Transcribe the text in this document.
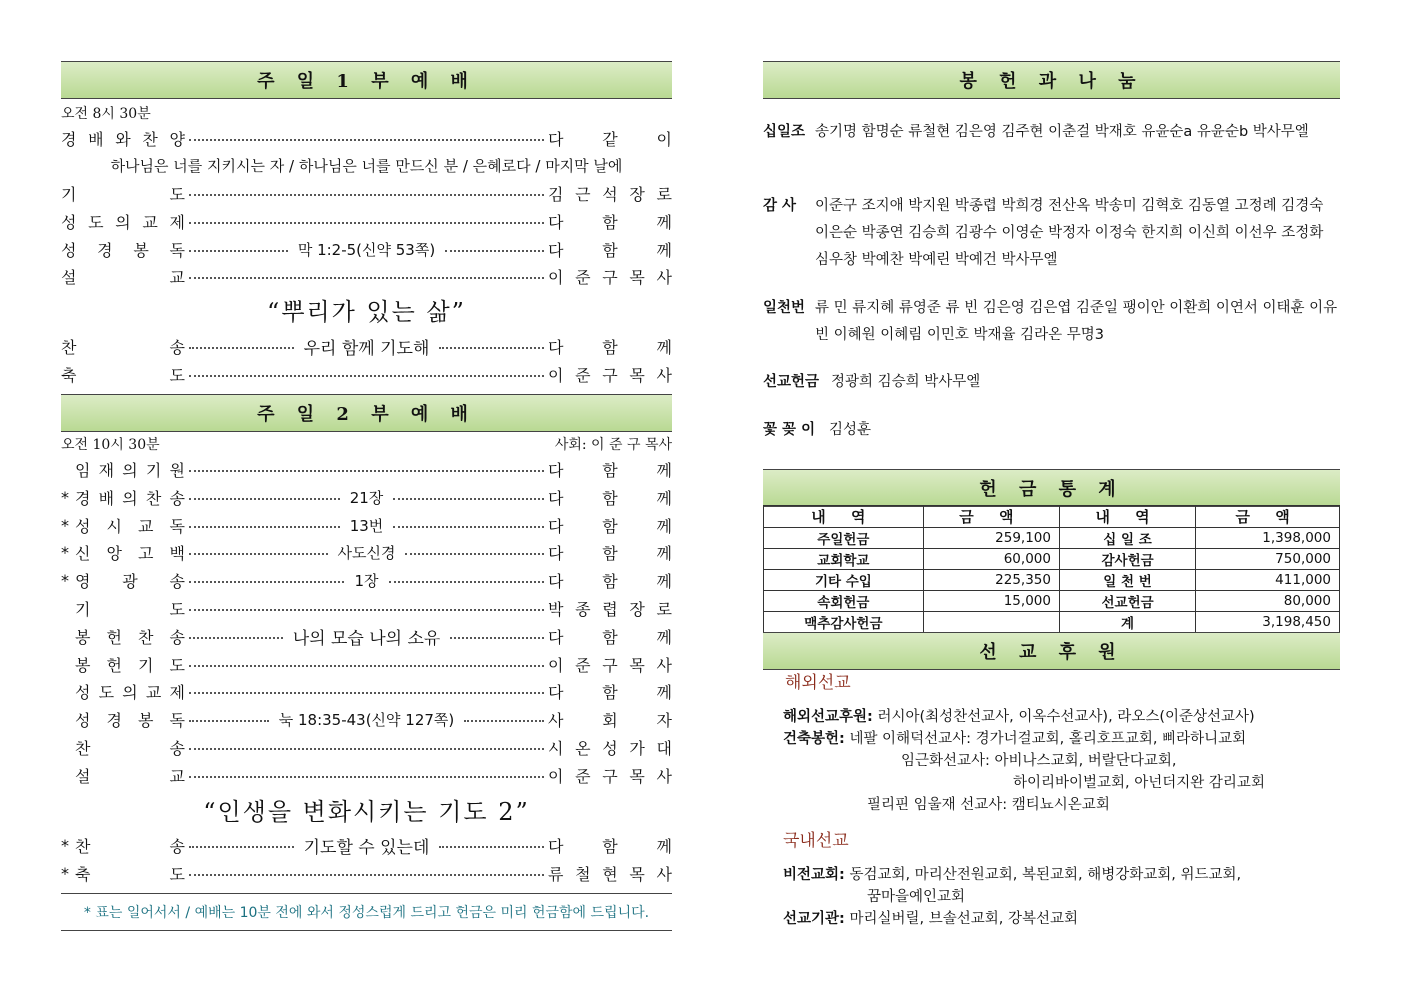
주 일 1 부 예 배
오전 8시 30분
경 배 와 찬 양	다 같 이
기	도	김 근 석 장 로
성 도 의 교 제	다 함 께
성 경 봉 독	막 1:2-5(신약 53쪽)	다 함 께
설	교	이 준 구 목 사
찬	송	우리 함께 기도해	다 함 께
축	도	이 준 구 목 사
하나님은 너를 지키시는 자 / 하나님은 너를 만드신 분 / 은혜로다 / 마지막 날에
“뿌리가 있는 삶”
주 일 2 부 예 배
오전 10시 30분	사회: 이 준 구 목사
임 재 의 기 원	다 함 께
* 경 배 의 찬 송	21장	다 함 께
* 성 시 교 독	13번	다 함 께
* 신 앙 고 백	사도신경	다 함 께
* 영 광 송	1장	다 함 께
기	도	박 종 렵 장 로
봉 헌 찬 송	나의 모습 나의 소유	다 함 께
봉 헌 기 도	이 준 구 목 사
성 도 의 교 제	다 함 께
성 경 봉 독	눅 18:35-43(신약 127쪽)	사 회 자
찬	송	시 온 성 가 대
설	교	이 준 구 목 사
* 찬	송	기도할 수 있는데	다 함 께
* 축	도	류 철 현 목 사
“인생을 변화시키는 기도 2”
* 표는 일어서서 / 예배는 10분 전에 와서 정성스럽게 드리고 헌금은 미리 헌금함에 드립니다.
봉 헌 과 나 눔
십일조 송기명 함명순 류철현 김은영 김주현 이춘걸 박재호 유윤순a 유윤순b 박사무엘
감 사 이준구 조지애 박지원 박종렵 박희경 전산옥 박송미 김혁호 김동열 고정례 김경숙 이은순 박종연 김승희 김광수 이영순 박정자 이정숙 한지희 이신희 이선우 조정화 심우창 박예찬 박예린 박예건 박사무엘
일천번 류 민 류지혜 류영준 류 빈 김은영 김은엽 김준일 팽이안 이환희 이연서 이태훈 이유빈 이혜원 이혜림 이민호 박재율 김라온 무명3
선교헌금 정광희 김승희 박사무엘
꽃 꽂 이 김성훈
헌 금 통 계
내 역	금 액	내 역	금 액
주일헌금	259,100	십 일 조	1,398,000
교회학교	60,000	감사헌금	750,000
기타 수입	225,350	일 천 번	411,000
속회헌금	15,000	선교헌금	80,000
맥추감사헌금		계	3,198,450
선 교 후 원
해외선교
해외선교후원: 러시아(최성찬선교사, 이옥수선교사), 라오스(이준상선교사)
건축봉헌: 네팔 이해덕선교사: 경가너걸교회, 홀리호프교회, 삐라하니교회
임근화선교사: 아비나스교회, 버랄단다교회,
하이리바이벌교회, 아넌더지완 감리교회
필리핀 임울재 선교사: 캠티뇨시온교회
국내선교
비전교회: 동검교회, 마리산전원교회, 복된교회, 해병강화교회, 위드교회,
꿈마을예인교회
선교기관: 마리실버릴, 브솔선교회, 강복선교회
